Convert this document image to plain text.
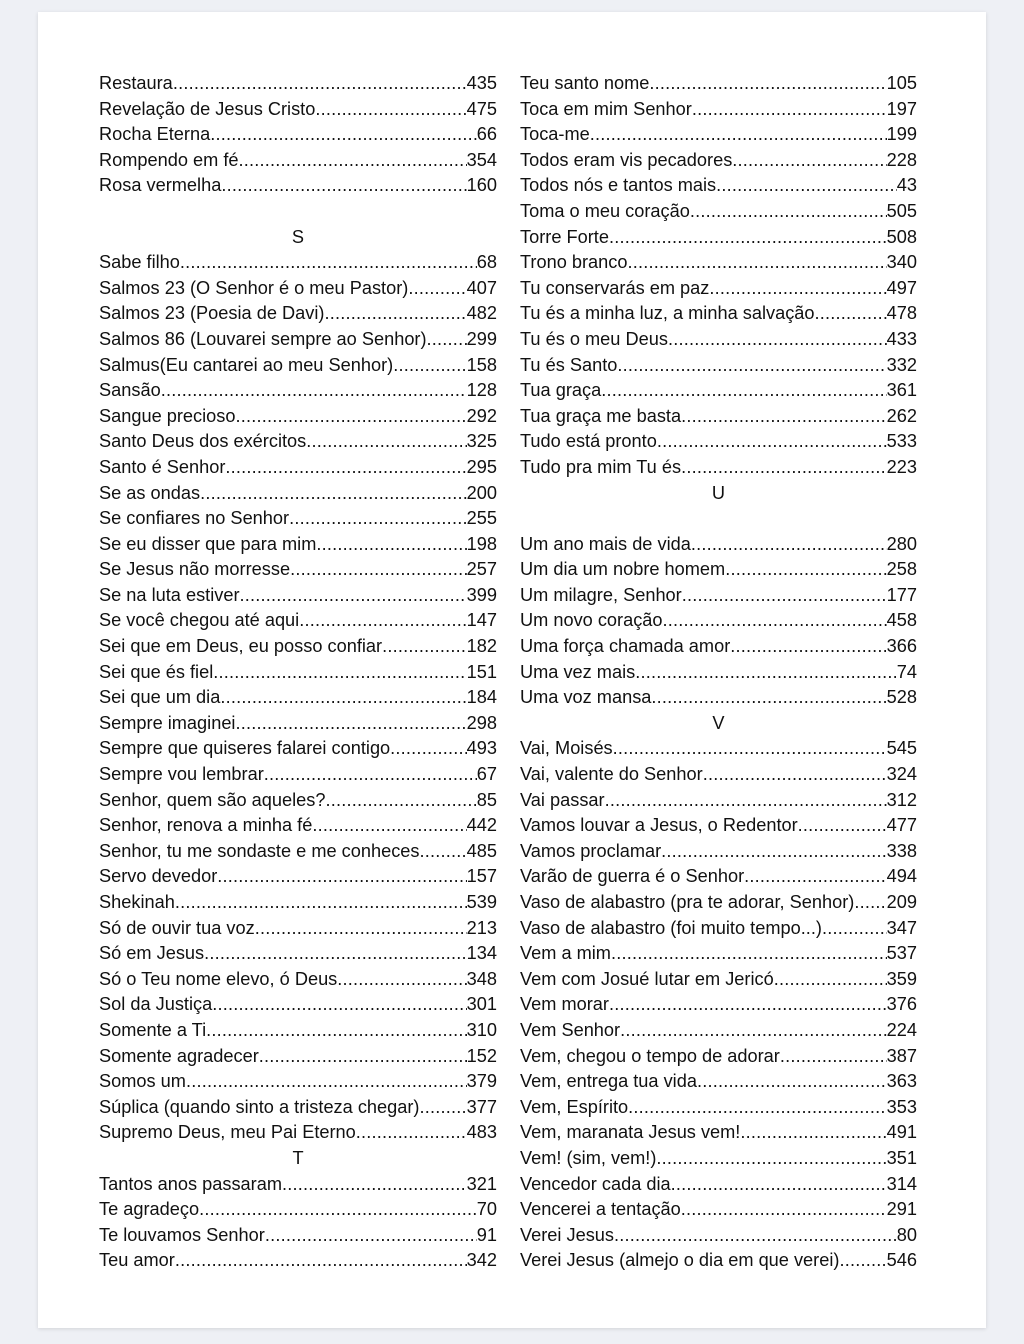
Restaura .....	435
Revelação de Jesus Cristo .....	475
Rocha Eterna .....	66
Rompendo em fé .....	354
Rosa vermelha .....	160
S
Sabe filho .....	68
Salmos 23 (O Senhor é o meu Pastor) .....	407
Salmos 23 (Poesia de Davi) .....	482
Salmos 86 (Louvarei sempre ao Senhor) ..... 299
Salmus(Eu cantarei ao meu Senhor) .....	158
Sansão .....	128
Sangue precioso .....	292
Santo Deus dos exércitos .....	325
Santo é Senhor .....	295
Se as ondas .....	200
Se confiares no Senhor .....	255
Se eu disser que para mim .....	198
Se Jesus não morresse .....	257
Se na luta estiver .....	399
Se você chegou até aqui .....	147
Sei que em Deus, eu posso confiar .....	182
Sei que és fiel .....	151
Sei que um dia .....	184
Sempre imaginei .....	298
Sempre que quiseres falarei contigo .....	493
Sempre vou lembrar .....	67
Senhor, quem são aqueles? .....	85
Senhor, renova a minha fé .....	442
Senhor, tu me sondaste e me conheces .....	485
Servo devedor .....	157
Shekinah .....	539
Só de ouvir tua voz .....	213
Só em Jesus .....	134
Só o Teu nome elevo, ó Deus .....	348
Sol da Justiça .....	301
Somente a Ti .....	310
Somente agradecer .....	152
Somos um .....	379
Súplica (quando sinto a tristeza chegar) .....	377
Supremo Deus, meu Pai Eterno .....	483
T
Tantos anos passaram .....	321
Te agradeço .....	70
Te louvamos Senhor .....	91
Teu amor .....	342
Teu santo nome .....	105
Toca em mim Senhor .....	197
Toca-me .....	199
Todos eram vis pecadores .....	228
Todos nós e tantos mais .....	43
Toma o meu coração .....	505
Torre Forte .....	508
Trono branco .....	340
Tu conservarás em paz .....	497
Tu és a minha luz, a minha salvação .....	478
Tu és o meu Deus .....	433
Tu és Santo .....	332
Tua graça .....	361
Tua graça me basta .....	262
Tudo está pronto .....	533
Tudo pra mim Tu és .....	223
U
Um ano mais de vida .....	280
Um dia um nobre homem .....	258
Um milagre, Senhor .....	177
Um novo coração .....	458
Uma força chamada amor .....	366
Uma vez mais .....	74
Uma voz mansa .....	528
V
Vai, Moisés .....	545
Vai, valente do Senhor .....	324
Vai passar .....	312
Vamos louvar a Jesus, o Redentor .....	477
Vamos proclamar .....	338
Varão de guerra é o Senhor .....	494
Vaso de alabastro (pra te adorar, Senhor) ..... 209
Vaso de alabastro (foi muito tempo...) .....	347
Vem a mim .....	537
Vem com Josué lutar em Jericó .....	359
Vem morar .....	376
Vem Senhor .....	224
Vem, chegou o tempo de adorar .....	387
Vem, entrega tua vida .....	363
Vem, Espírito .....	353
Vem, maranata Jesus vem! .....	491
Vem! (sim, vem!) .....	351
Vencedor cada dia .....	314
Vencerei a tentação .....	291
Verei Jesus .....	80
Verei Jesus (almejo o dia em que verei) .....	546
